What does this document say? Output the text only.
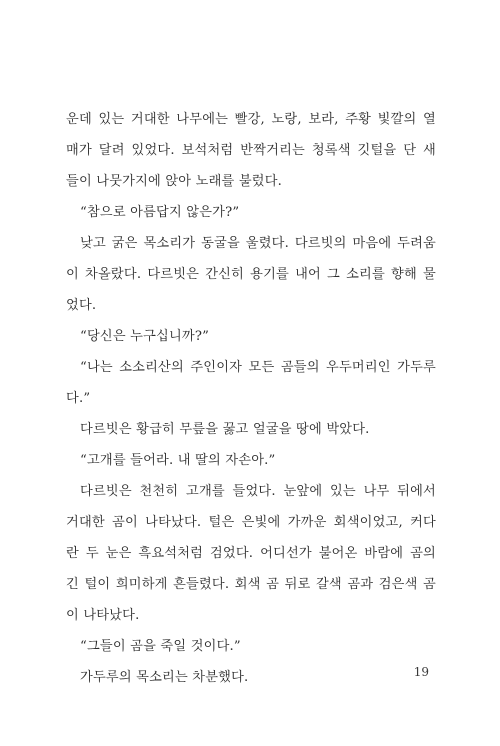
운데 있는 거대한 나무에는 빨강, 노랑, 보라, 주황 빛깔의 열
매가 달려 있었다. 보석처럼 반짝거리는 청록색 깃털을 단 새
들이 나뭇가지에 앉아 노래를 불렀다.
“참으로 아름답지 않은가?”
낮고 굵은 목소리가 동굴을 울렸다. 다르빗의 마음에 두려움
이 차올랐다. 다르빗은 간신히 용기를 내어 그 소리를 향해 물
었다.
“당신은 누구십니까?”
“나는 소소리산의 주인이자 모든 곰들의 우두머리인 가두루
다.”
다르빗은 황급히 무릎을 꿇고 얼굴을 땅에 박았다.
“고개를 들어라. 내 딸의 자손아.”
다르빗은 천천히 고개를 들었다. 눈앞에 있는 나무 뒤에서
거대한 곰이 나타났다. 털은 은빛에 가까운 회색이었고, 커다
란 두 눈은 흑요석처럼 검었다. 어디선가 불어온 바람에 곰의
긴 털이 희미하게 흔들렸다. 회색 곰 뒤로 갈색 곰과 검은색 곰
이 나타났다.
“그들이 곰을 죽일 것이다.”
가두루의 목소리는 차분했다.	19
